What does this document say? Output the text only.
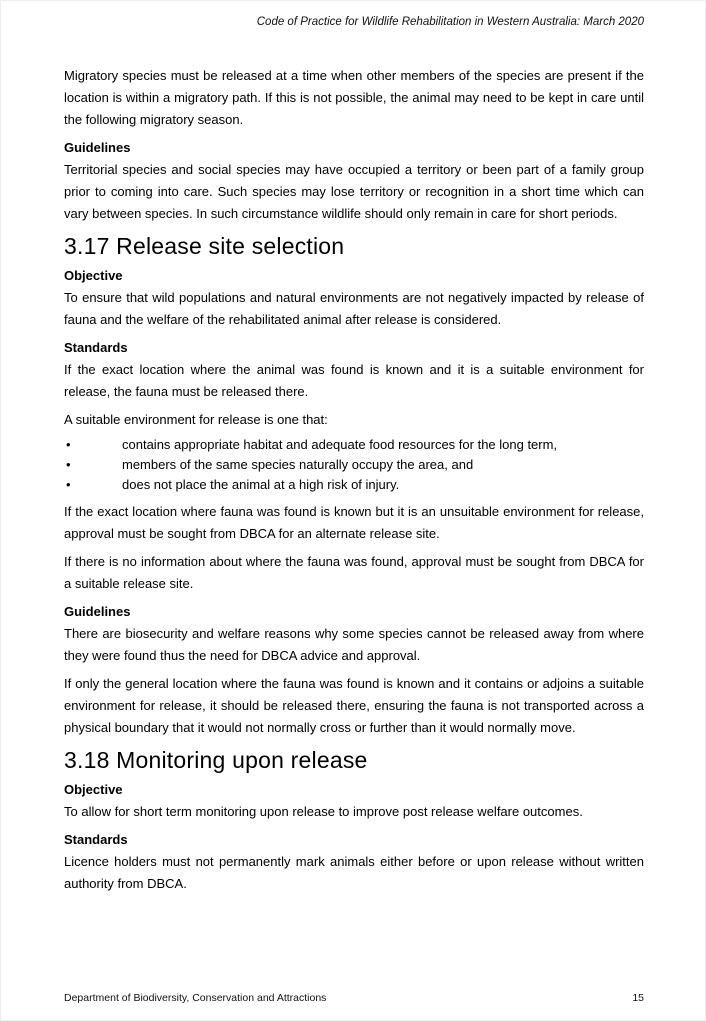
Code of Practice for Wildlife Rehabilitation in Western Australia: March 2020

Migratory species must be released at a time when other members of the species are present if the location is within a migratory path. If this is not possible, the animal may need to be kept in care until the following migratory season.

Guidelines

Territorial species and social species may have occupied a territory or been part of a family group prior to coming into care. Such species may lose territory or recognition in a short time which can vary between species. In such circumstance wildlife should only remain in care for short periods.

3.17 Release site selection
Objective

To ensure that wild populations and natural environments are not negatively impacted by release of fauna and the welfare of the rehabilitated animal after release is considered.

Standards

If the exact location where the animal was found is known and it is a suitable environment for release, the fauna must be released there.

A suitable environment for release is one that:

•	contains appropriate habitat and adequate food resources for the long term,
•	members of the same species naturally occupy the area, and
•	does not place the animal at a high risk of injury.

If the exact location where fauna was found is known but it is an unsuitable environment for release, approval must be sought from DBCA for an alternate release site.

If there is no information about where the fauna was found, approval must be sought from DBCA for a suitable release site.

Guidelines

There are biosecurity and welfare reasons why some species cannot be released away from where they were found thus the need for DBCA advice and approval.

If only the general location where the fauna was found is known and it contains or adjoins a suitable environment for release, it should be released there, ensuring the fauna is not transported across a physical boundary that it would not normally cross or further than it would normally move.

3.18 Monitoring upon release
Objective

To allow for short term monitoring upon release to improve post release welfare outcomes.

Standards

Licence holders must not permanently mark animals either before or upon release without written authority from DBCA.

Department of Biodiversity, Conservation and Attractions	15
